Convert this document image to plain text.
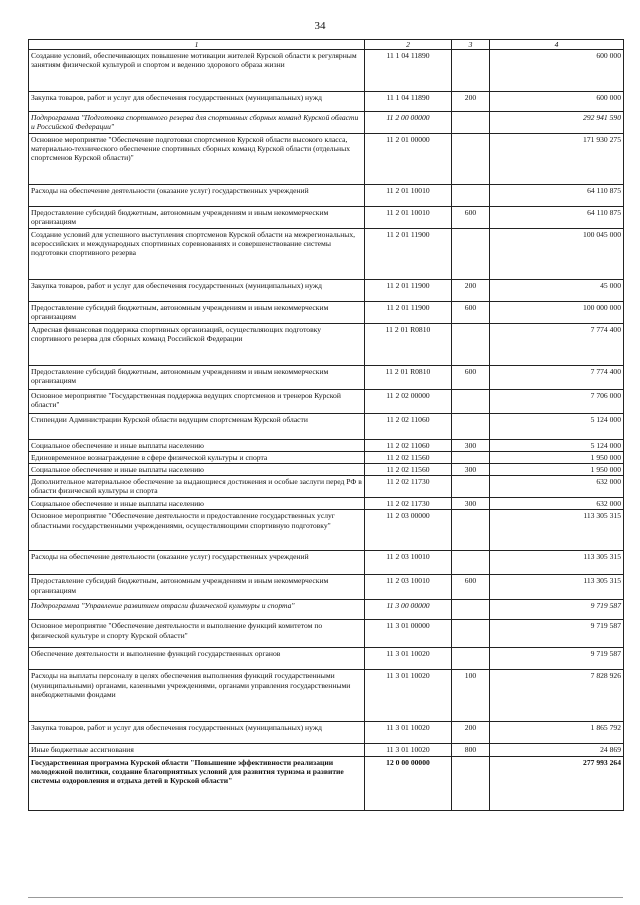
34
1	2	3	4
Создание условий, обеспечивающих повышение мотивации жителей Курской области к регулярным занятиям физической культурой и спортом и ведению здорового образа жизни	11 1 04 11890		600 000
Закупка товаров, работ и услуг для обеспечения государственных (муниципальных) нужд	11 1 04 11890	200	600 000
Подпрограмма "Подготовка спортивного резерва для спортивных сборных команд Курской области и Российской Федерации"	11 2 00 00000		292 941 590
Основное мероприятие "Обеспечение подготовки спортсменов Курской области высокого класса, материально-технического обеспечение спортивных сборных команд Курской области (отдельных спортсменов Курской области)"	11 2 01 00000		171 930 275
Расходы на обеспечение деятельности (оказание услуг) государственных учреждений	11 2 01 10010		64 110 875
Предоставление субсидий бюджетным, автономным учреждениям и иным некоммерческим организациям	11 2 01 10010	600	64 110 875
Создание условий для успешного выступления спортсменов Курской области на межрегиональных, всероссийских и международных спортивных соревнованиях и совершенствование системы подготовки спортивного резерва	11 2 01 11900		100 045 000
Закупка товаров, работ и услуг для обеспечения государственных (муниципальных) нужд	11 2 01 11900	200	45 000
Предоставление субсидий бюджетным, автономным учреждениям и иным некоммерческим организациям	11 2 01 11900	600	100 000 000
Адресная финансовая поддержка спортивных организаций, осуществляющих подготовку спортивного резерва для сборных команд Российской Федерации	11 2 01 R0810		7 774 400
Предоставление субсидий бюджетным, автономным учреждениям и иным некоммерческим организациям	11 2 01 R0810	600	7 774 400
Основное мероприятие "Государственная поддержка ведущих спортсменов и тренеров Курской области"	11 2 02 00000		7 706 000
Стипендии Администрации Курской области ведущим спортсменам Курской области	11 2 02 11060		5 124 000
Социальное обеспечение и иные выплаты населению	11 2 02 11060	300	5 124 000
Единовременное вознаграждение в сфере физической культуры и спорта	11 2 02 11560		1 950 000
Социальное обеспечение и иные выплаты населению	11 2 02 11560	300	1 950 000
Дополнительное материальное обеспечение за выдающиеся достижения и особые заслуги перед РФ в области физической культуры и спорта	11 2 02 11730		632 000
Социальное обеспечение и иные выплаты населению	11 2 02 11730	300	632 000
Основное мероприятие "Обеспечение деятельности и предоставление государственных услуг областными государственными учреждениями, осуществляющими спортивную подготовку"	11 2 03 00000		113 305 315
Расходы на обеспечение деятельности (оказание услуг) государственных учреждений	11 2 03 10010		113 305 315
Предоставление субсидий бюджетным, автономным учреждениям и иным некоммерческим организациям	11 2 03 10010	600	113 305 315
Подпрограмма "Управление развитием отрасли физической культуры и спорта"	11 3 00 00000		9 719 587
Основное мероприятие "Обеспечение деятельности и выполнение функций комитетом по физической культуре и спорту Курской области"	11 3 01 00000		9 719 587
Обеспечение деятельности и выполнение функций государственных органов	11 3 01 10020		9 719 587
Расходы на выплаты персоналу в целях обеспечения выполнения функций государственными (муниципальными) органами, казенными учреждениями, органами управления государственными внебюджетными фондами	11 3 01 10020	100	7 828 926
Закупка товаров, работ и услуг для обеспечения государственных (муниципальных) нужд	11 3 01 10020	200	1 865 792
Иные бюджетные ассигнования	11 3 01 10020	800	24 869
Государственная программа Курской области "Повышение эффективности реализации молодежной политики, создание благоприятных условий для развития туризма и развитие системы оздоровления и отдыха детей в Курской области"	12 0 00 00000		277 993 264
